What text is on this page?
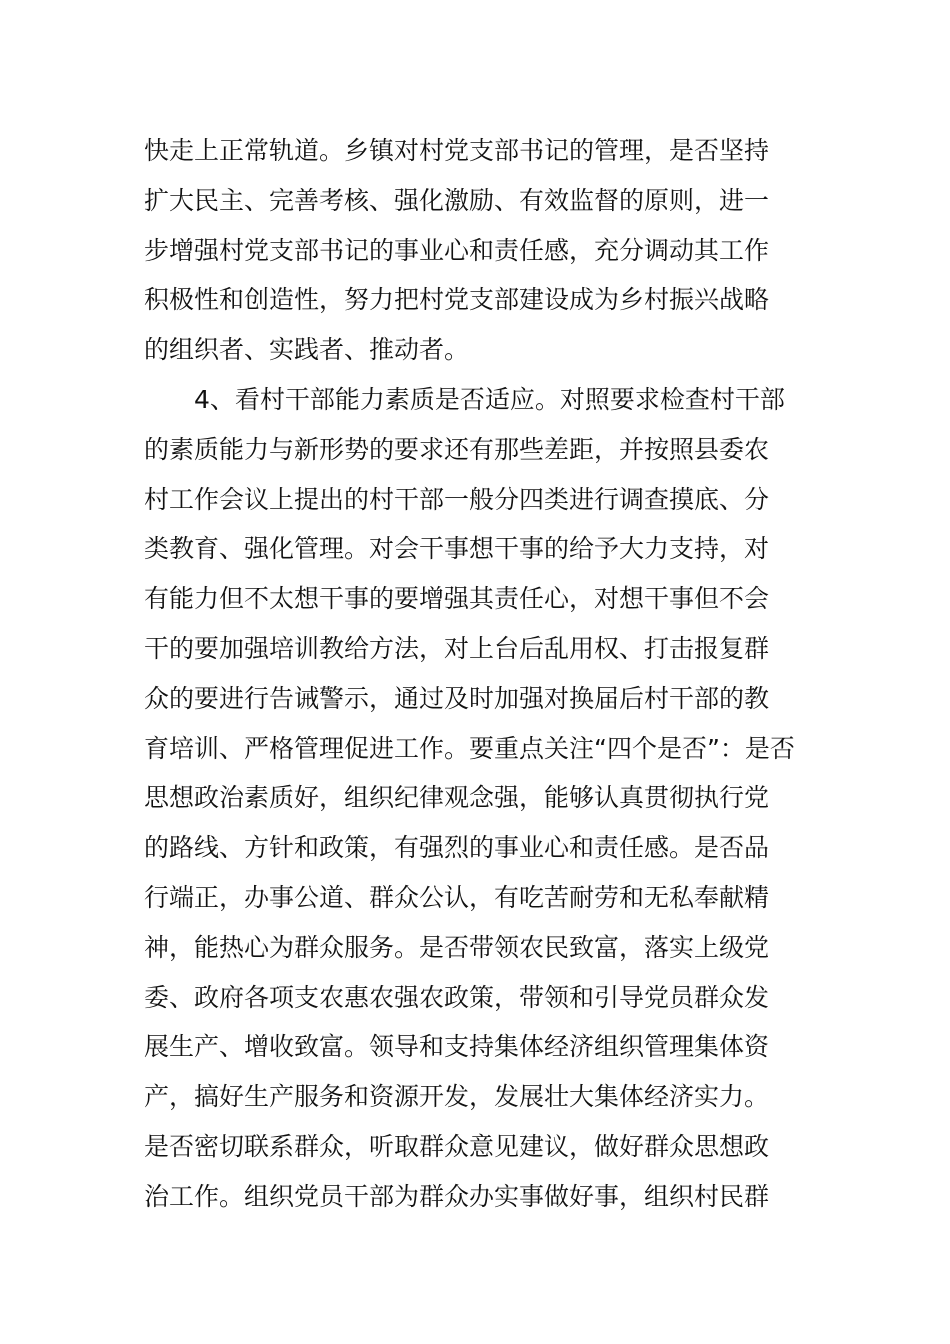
快走上正常轨道。乡镇对村党支部书记的管理，是否坚持
扩大民主、完善考核、强化激励、有效监督的原则，进一
步增强村党支部书记的事业心和责任感，充分调动其工作
积极性和创造性，努力把村党支部建设成为乡村振兴战略
的组织者、实践者、推动者。
4、看村干部能力素质是否适应。对照要求检查村干部
的素质能力与新形势的要求还有那些差距，并按照县委农
村工作会议上提出的村干部一般分四类进行调查摸底、分
类教育、强化管理。对会干事想干事的给予大力支持，对
有能力但不太想干事的要增强其责任心，对想干事但不会
干的要加强培训教给方法，对上台后乱用权、打击报复群
众的要进行告诫警示，通过及时加强对换届后村干部的教
育培训、严格管理促进工作。要重点关注“四个是否”：是否
思想政治素质好，组织纪律观念强，能够认真贯彻执行党
的路线、方针和政策，有强烈的事业心和责任感。是否品
行端正，办事公道、群众公认，有吃苦耐劳和无私奉献精
神，能热心为群众服务。是否带领农民致富，落实上级党
委、政府各项支农惠农强农政策，带领和引导党员群众发
展生产、增收致富。领导和支持集体经济组织管理集体资
产，搞好生产服务和资源开发，发展壮大集体经济实力。
是否密切联系群众，听取群众意见建议，做好群众思想政
治工作。组织党员干部为群众办实事做好事，组织村民群
